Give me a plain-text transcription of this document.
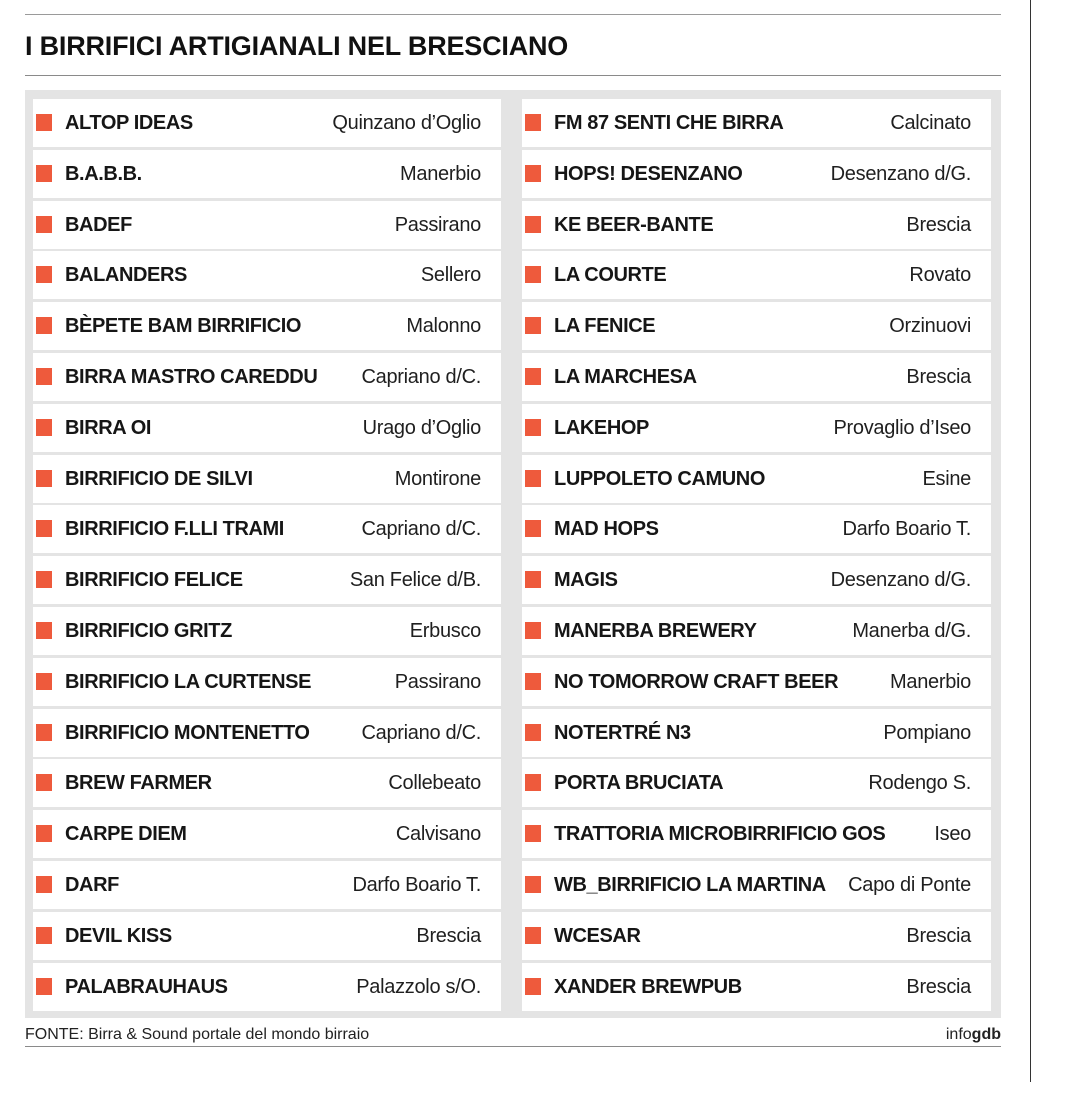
I BIRRIFICI ARTIGIANALI NEL BRESCIANO
ALTOP IDEAS	Quinzano d’Oglio
B.A.B.B.	Manerbio
BADEF	Passirano
BALANDERS	Sellero
BÈPETE BAM BIRRIFICIO	Malonno
BIRRA MASTRO CAREDDU Capriano d/C.
BIRRA OI	Urago d’Oglio
BIRRIFICIO DE SILVI	Montirone
BIRRIFICIO F.LLI TRAMI	Capriano d/C.
BIRRIFICIO FELICE	San Felice d/B.
BIRRIFICIO GRITZ	Erbusco
BIRRIFICIO LA CURTENSE	Passirano
BIRRIFICIO MONTENETTO	Capriano d/C.
BREW FARMER	Collebeato
CARPE DIEM	Calvisano
DARF	Darfo Boario T.
DEVIL KISS	Brescia
PALABRAUHAUS	Palazzolo s/O.
FM 87 SENTI CHE BIRRA	Calcinato
HOPS! DESENZANO	Desenzano d/G.
KE BEER-BANTE	Brescia
LA COURTE	Rovato
LA FENICE	Orzinuovi
LA MARCHESA	Brescia
LAKEHOP	Provaglio d’Iseo
LUPPOLETO CAMUNO	Esine
MAD HOPS	Darfo Boario T.
MAGIS	Desenzano d/G.
MANERBA BREWERY	Manerba d/G.
NO TOMORROW CRAFT BEER	Manerbio
NOTERTRÉ N3	Pompiano
PORTA BRUCIATA	Rodengo S.
TRATTORIA MICROBIRRIFICIO GOS Iseo
WB_BIRRIFICIO LA MARTINA Capo di Ponte
WCESAR	Brescia
XANDER BREWPUB	Brescia
FONTE: Birra & Sound portale del mondo birraio	infogdb
